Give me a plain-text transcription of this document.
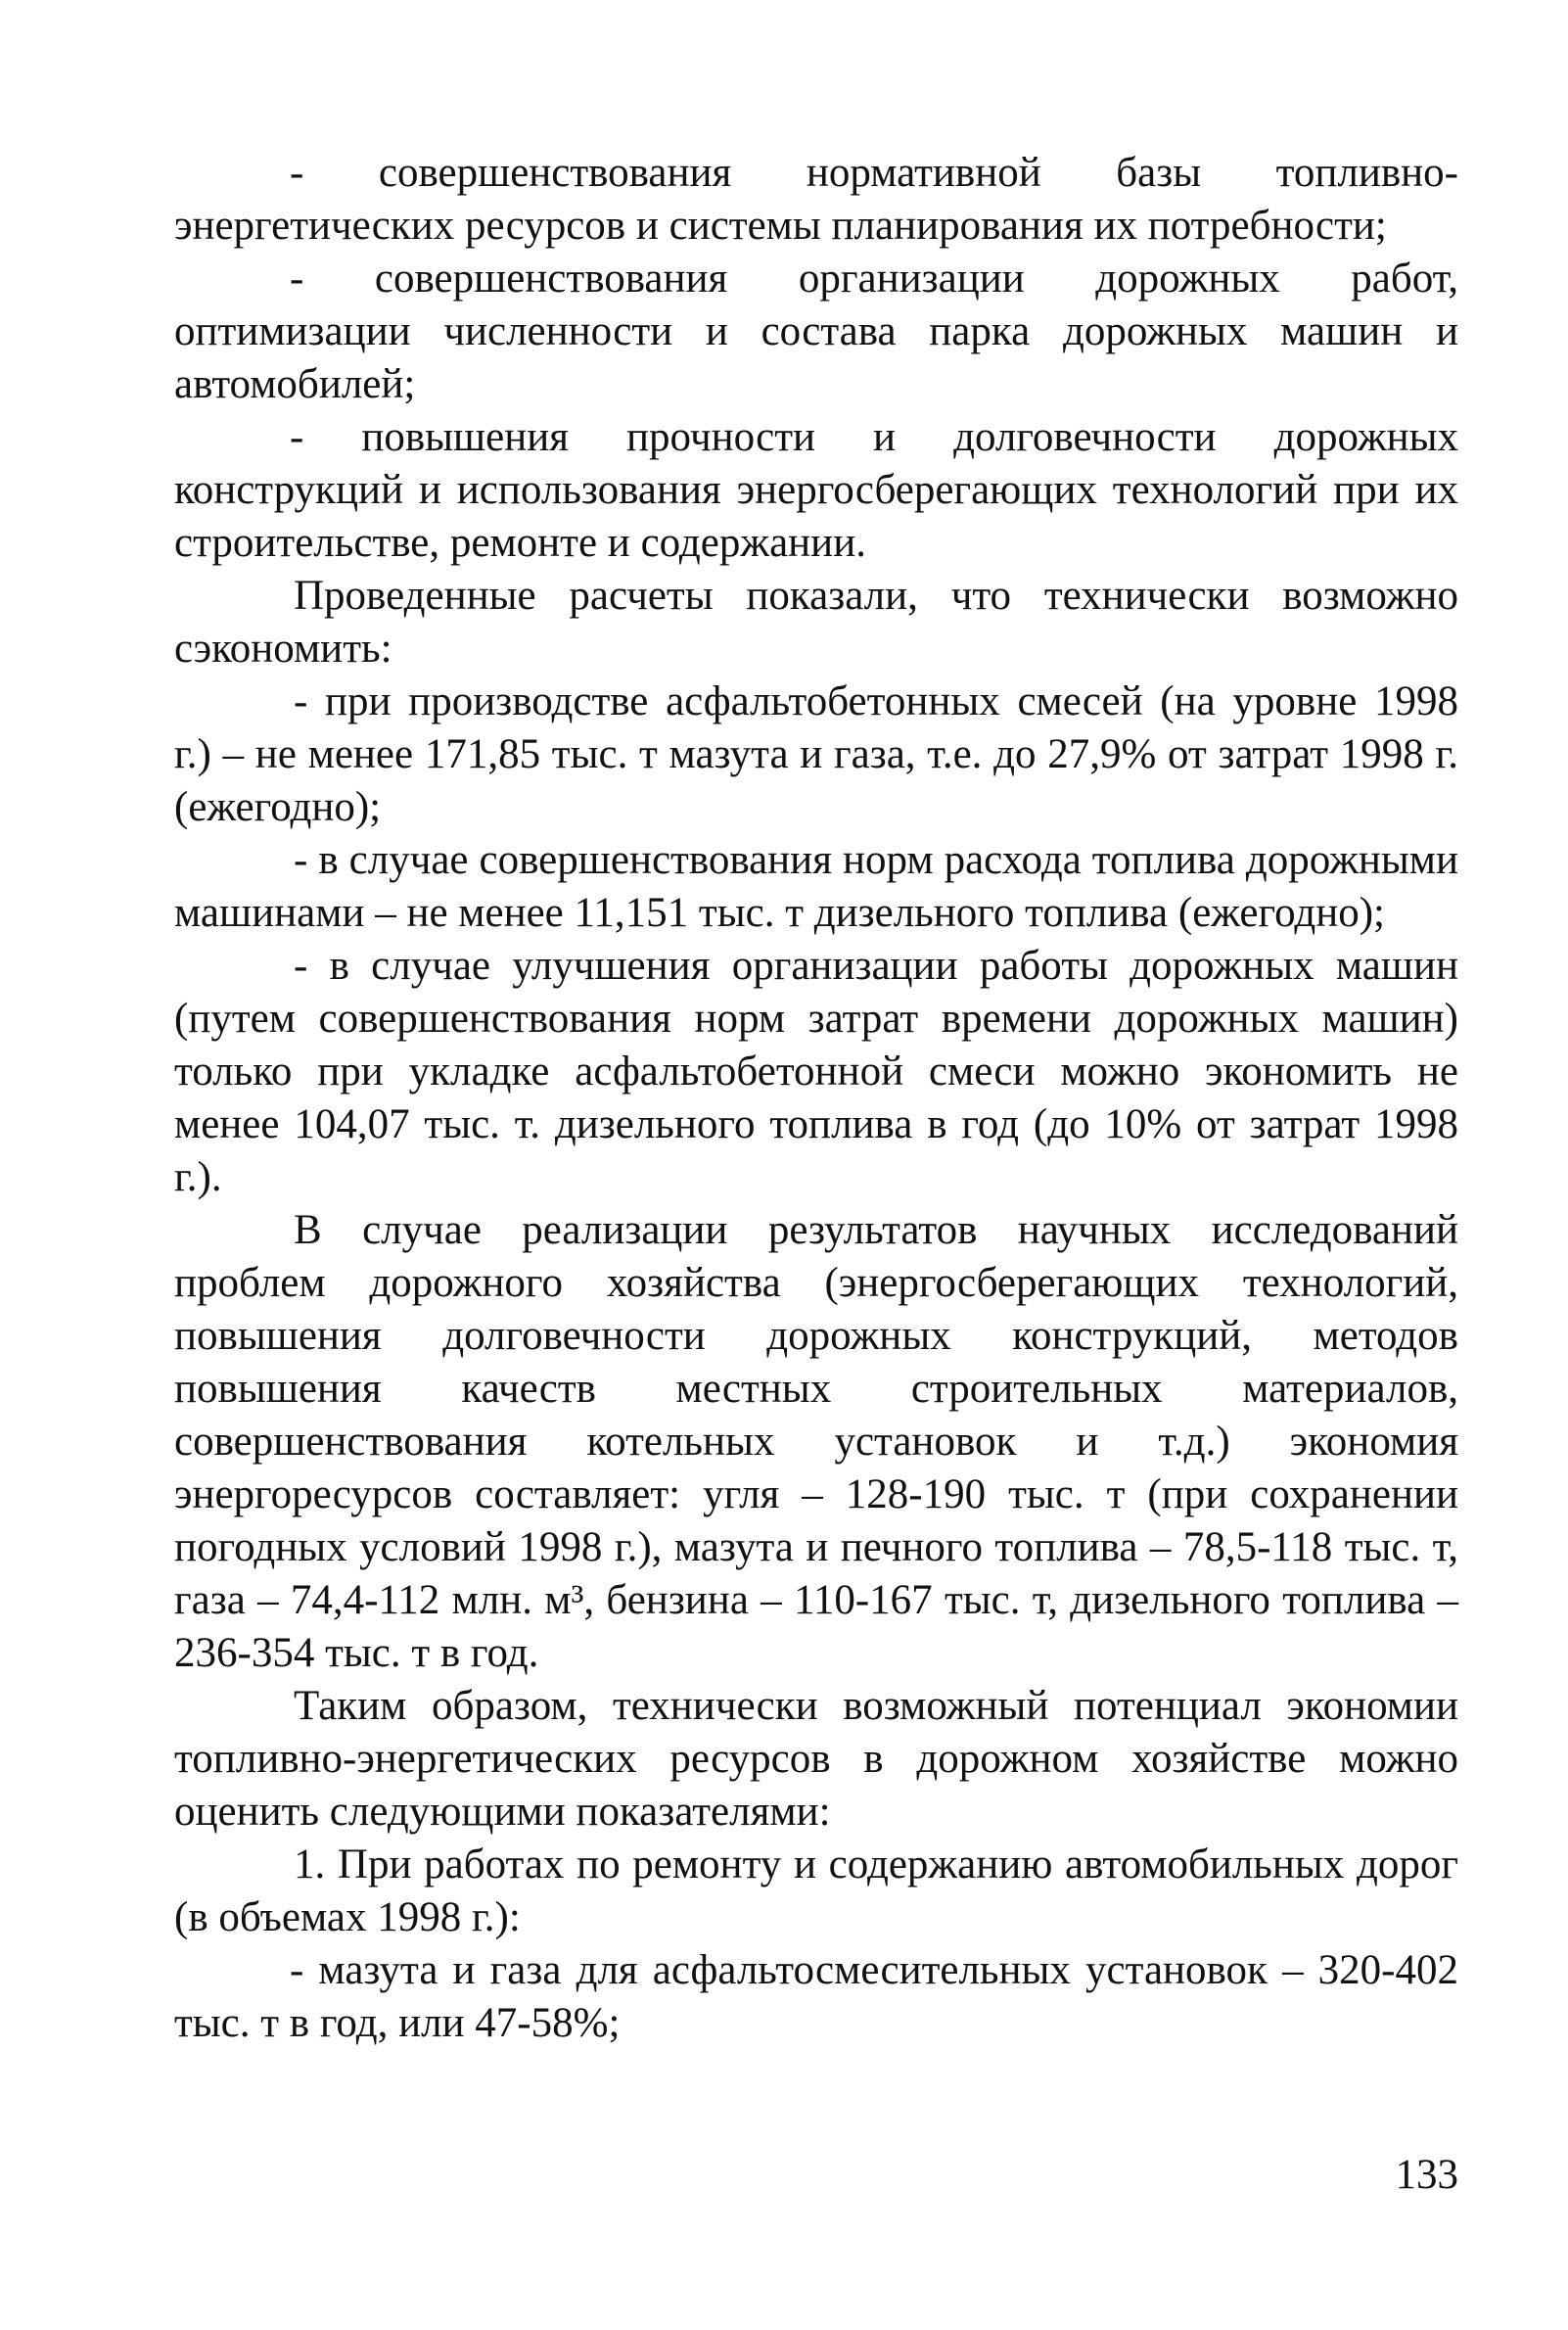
- совершенствования нормативной базы топливно-энергетических ресурсов и системы планирования их потребности;

- совершенствования организации дорожных работ, оптимизации численности и состава парка дорожных машин и автомобилей;

- повышения прочности и долговечности дорожных конструкций и использования энергосберегающих технологий при их строительстве, ремонте и содержании.

Проведенные расчеты показали, что технически возможно сэкономить:

- при производстве асфальтобетонных смесей (на уровне 1998 г.) – не менее 171,85 тыс. т мазута и газа, т.е. до 27,9% от затрат 1998 г. (ежегодно);

- в случае совершенствования норм расхода топлива дорожными машинами – не менее 11,151 тыс. т дизельного топлива (ежегодно);

- в случае улучшения организации работы дорожных машин (путем совершенствования норм затрат времени дорожных машин) только при укладке асфальтобетонной смеси можно экономить не менее 104,07 тыс. т. дизельного топлива в год (до 10% от затрат 1998 г.).

В случае реализации результатов научных исследований проблем дорожного хозяйства (энергосберегающих технологий, повышения долговечности дорожных конструкций, методов повышения качеств местных строительных материалов, совершенствования котельных установок и т.д.) экономия энергоресурсов составляет: угля – 128-190 тыс. т (при сохранении погодных условий 1998 г.), мазута и печного топлива – 78,5-118 тыс. т, газа – 74,4-112 млн. м³, бензина – 110-167 тыс. т, дизельного топлива – 236-354 тыс. т в год.

Таким образом, технически возможный потенциал экономии топливно-энергетических ресурсов в дорожном хозяйстве можно оценить следующими показателями:

1. При работах по ремонту и содержанию автомобильных дорог (в объемах 1998 г.):

- мазута и газа для асфальтосмесительных установок – 320-402 тыс. т в год, или 47-58%;

133
